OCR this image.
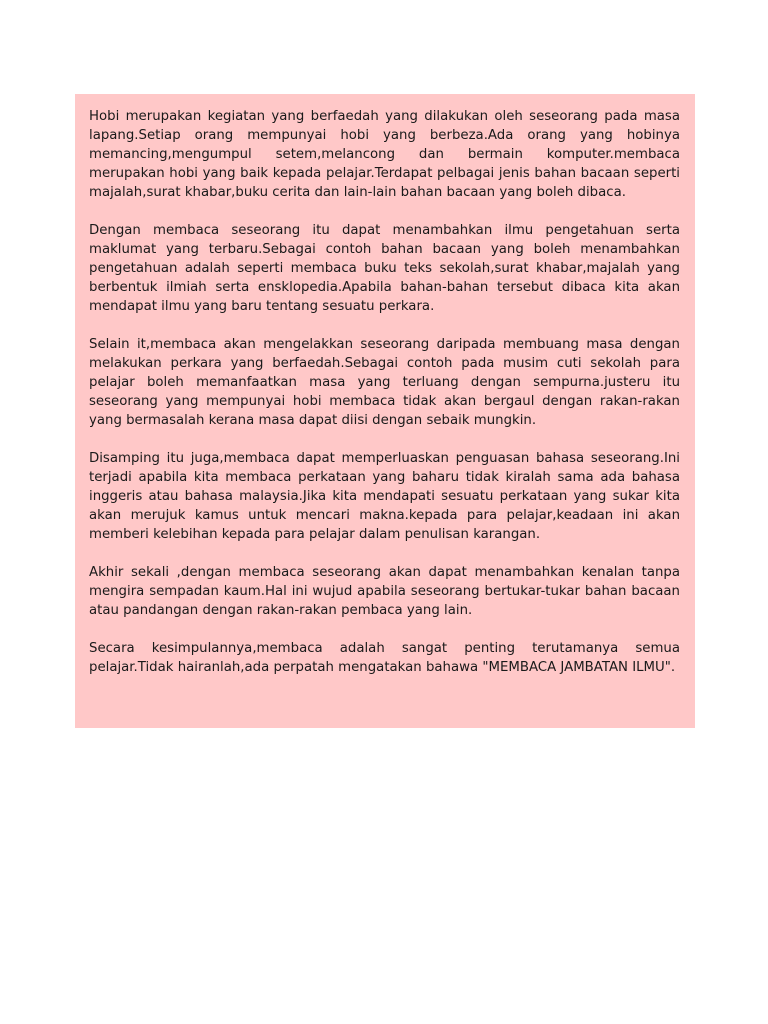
Hobi merupakan kegiatan yang berfaedah yang dilakukan oleh seseorang pada masa lapang.Setiap orang mempunyai hobi yang berbeza.Ada orang yang hobinya memancing,mengumpul setem,melancong dan bermain komputer.membaca merupakan hobi yang baik kepada pelajar.Terdapat pelbagai jenis bahan bacaan seperti majalah,surat khabar,buku cerita dan lain-lain bahan bacaan yang boleh dibaca.

Dengan membaca seseorang itu dapat menambahkan ilmu pengetahuan serta maklumat yang terbaru.Sebagai contoh bahan bacaan yang boleh menambahkan pengetahuan adalah seperti membaca buku teks sekolah,surat khabar,majalah yang berbentuk ilmiah serta ensklopedia.Apabila bahan-bahan tersebut dibaca kita akan mendapat ilmu yang baru tentang sesuatu perkara.

Selain it,membaca akan mengelakkan seseorang daripada membuang masa dengan melakukan perkara yang berfaedah.Sebagai contoh pada musim cuti sekolah para pelajar boleh memanfaatkan masa yang terluang dengan sempurna.justeru itu seseorang yang mempunyai hobi membaca tidak akan bergaul dengan rakan-rakan yang bermasalah kerana masa dapat diisi dengan sebaik mungkin.

Disamping itu juga,membaca dapat memperluaskan penguasan bahasa seseorang.Ini terjadi apabila kita membaca perkataan yang baharu tidak kiralah sama ada bahasa inggeris atau bahasa malaysia.Jika kita mendapati sesuatu perkataan yang sukar kita akan merujuk kamus untuk mencari makna.kepada para pelajar,keadaan ini akan memberi kelebihan kepada para pelajar dalam penulisan karangan.

Akhir sekali ,dengan membaca seseorang akan dapat menambahkan kenalan tanpa mengira sempadan kaum.Hal ini wujud apabila seseorang bertukar-tukar bahan bacaan atau pandangan dengan rakan-rakan pembaca yang lain.

Secara kesimpulannya,membaca adalah sangat penting terutamanya semua pelajar.Tidak hairanlah,ada perpatah mengatakan bahawa "MEMBACA JAMBATAN ILMU".
